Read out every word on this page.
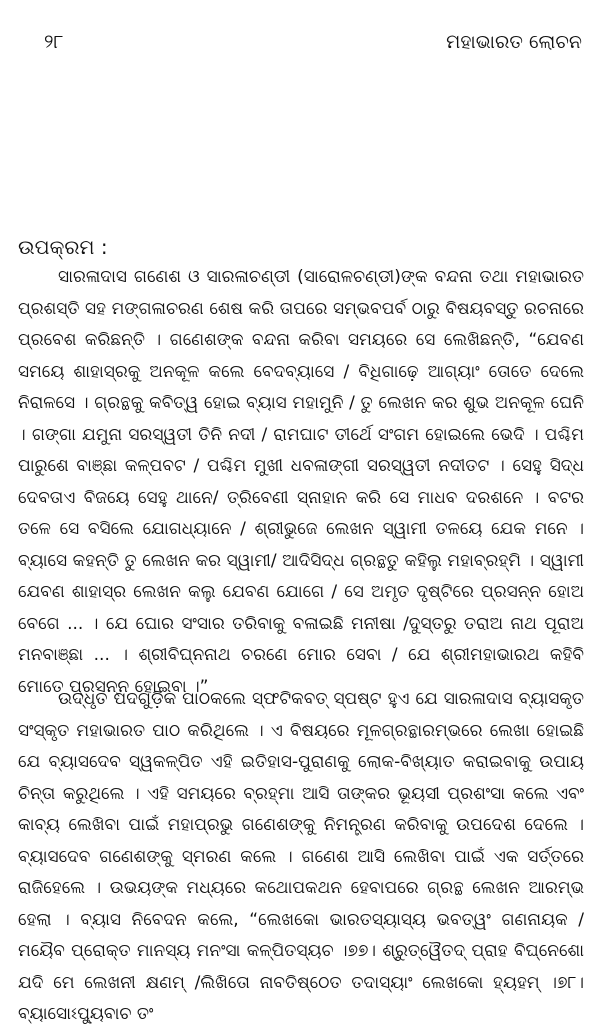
୨୮	ମହାଭାରତ ଲୋଚନ
ଉପକ୍ରମ :

ସାରଳାଦାସ ଗଣେଶ ଓ ସାରଳାଚଣ୍ଡୀ (ସାରୋଳଚଣ୍ଡୀ)ଙ୍କ ବନ୍ଦନା ତଥା ମହାଭାରତ ପ୍ରଶସ୍ତି ସହ ମଙ୍ଗଳାଚରଣ ଶେଷ କରି ତାପରେ ସମ୍ଭବପର୍ବ ଠାରୁ ବିଷୟବସ୍ତୁ ରଚନାରେ ପ୍ରବେଶ କରିଛନ୍ତି । ଗଣେଶଙ୍କ ବନ୍ଦନା କରିବା ସମୟରେ ସେ ଲେଖିଛନ୍ତି, “ଯେବଣ ସମୟେ ଶାହାସ୍ରକୁ ଅନକୂଳ କଲେ ବେଦବ୍ୟାସେ / ବିଧିଗାଢ଼େ ଆଗ୍ୟାଂ ତୋତେ ଦେଲେ ନିରାଳସେ । ଗ୍ରନ୍ଥକୁ କବିତ୍ୱ ହୋଇ ବ୍ୟାସ ମହାମୁନି / ତୁ ଲେଖନ କର ଶୁଭ ଅନକୂଳ ଘେନି । ଗଙ୍ଗା ଯମୁନା ସରସ୍ୱତୀ ତିନି ନଦୀ / ରାମଘାଟ ତୀର୍ଥେ ସଂଗମ ହୋଇଲେ ଭେଦି । ପଶ୍ଚିମ ପାରୁଶେ ବାଞ୍ଛା କଳ୍ପବଟ / ପଶ୍ଚିମ ମୁଖୀ ଧବଳାଙ୍ଗୀ ସରସ୍ୱତୀ ନଦୀତଟ । ସେହୁ ସିଦ୍ଧ ଦେବତାଏ ବିଜୟେ ସେହୁ ଥାନେ/ ତ୍ରିବେଣୀ ସ୍ନାହାନ କରି ସେ ମାଧବ ଦରଶନେ । ବଟର ତଳେ ସେ ବସିଲେ ଯୋଗଧ୍ୟାନେ / ଶ୍ରୀଭୁଜେ ଲେଖନ ସ୍ୱାମୀ ତଳୟେ ଯେକ ମନେ । ବ୍ୟାସେ କହନ୍ତି ତୁ ଲେଖନ କର ସ୍ୱାମୀ/ ଆଦିସିଦ୍ଧ ଗ୍ରନ୍ଥତୁ କହିଲୁ ମହାବ୍ରହ୍ମି । ସ୍ୱାମୀ ଯେବଣ ଶାହାସ୍ର ଲେଖନ କଲୁ ଯେବଣ ଯୋଗେ / ସେ ଅମୃତ ଦୃଷ୍ଟିରେ ପ୍ରସନ୍ନ ହୋଅ ବେଗେ ... । ଯେ ଘୋର ସଂସାର ତରିବାକୁ ବଳାଇଛି ମନୀଷା /ଦୁସ୍ତରୁ ତରାଅ ନାଥ ପୂରାଅ ମନବାଞ୍ଛା ... । ଶ୍ରୀବିଘ୍ନନାଥ ଚରଣେ ମୋର ସେବା / ଯେ ଶ୍ରୀମହାଭାରଥ କହିବି ମୋତେ ପ୍ରସନ୍ନ ହୋଇବା ।”

ଉଦ୍ଧୃତ ପଦଗୁଡ଼ିକ ପାଠକଲେ ସ୍ଫଟିକବତ୍ ସ୍ପଷ୍ଟ ହୁଏ ଯେ ସାରଳାଦାସ ବ୍ୟାସକୃତ ସଂସ୍କୃତ ମହାଭାରତ ପାଠ କରିଥିଲେ । ଏ ବିଷୟରେ ମୂଳଗ୍ରନ୍ଥାରମ୍ଭରେ ଲେଖା ହୋଇଛି ଯେ ବ୍ୟାସଦେବ ସ୍ୱକଳ୍ପିତ ଏହି ଇତିହାସ-ପୁରାଣକୁ ଲୋକ-ବିଖ୍ୟାତ କରାଇବାକୁ ଉପାୟ ଚିନ୍ତା କରୁଥିଲେ । ଏହି ସମୟରେ ବ୍ରହ୍ମା ଆସି ତାଙ୍କର ଭୂୟସୀ ପ୍ରଶଂସା କଲେ ଏବଂ କାବ୍ୟ ଲେଖିବା ପାଇଁ ମହାପ୍ରଭୁ ଗଣେଶଙ୍କୁ ନିମନ୍ତ୍ରଣ କରିବାକୁ ଉପଦେଶ ଦେଲେ । ବ୍ୟାସଦେବ ଗଣେଶଙ୍କୁ ସ୍ମରଣ କଲେ । ଗଣେଶ ଆସି ଲେଖିବା ପାଇଁ ଏକ ସର୍ତ୍ତରେ ରାଜିହେଲେ । ଉଭୟଙ୍କ ମଧ୍ୟରେ କଥୋପକଥନ ହେବାପରେ ଗ୍ରନ୍ଥ ଲେଖନ ଆରମ୍ଭ ହେଲା । ବ୍ୟାସ ନିବେଦନ କଲେ, “ଲେଖକୋ ଭାରତସ୍ୟାସ୍ୟ ଭବତ୍ୱଂ ଗଣନାୟକ / ମୟୈବ ପ୍ରୋକ୍ତ ମାନସ୍ୟ ମନଂସା କଳ୍ପିତସ୍ୟଚ ।୭୭। ଶ୍ରୁତ୍ୱୈତଦ୍ ପ୍ରାହ ବିଘ୍ନେଶୋ ଯଦି ମେ ଲେଖନୀ କ୍ଷଣମ୍ /ଲିଖିତୋ ନାବତିଷ୍ଠେତ ତଦାସ୍ୟାଂ ଲେଖକୋ ହ୍ୟହମ୍ ।୭୮। ବ୍ୟାସୋଽପ୍ୟୁବାଚ ତଂ
